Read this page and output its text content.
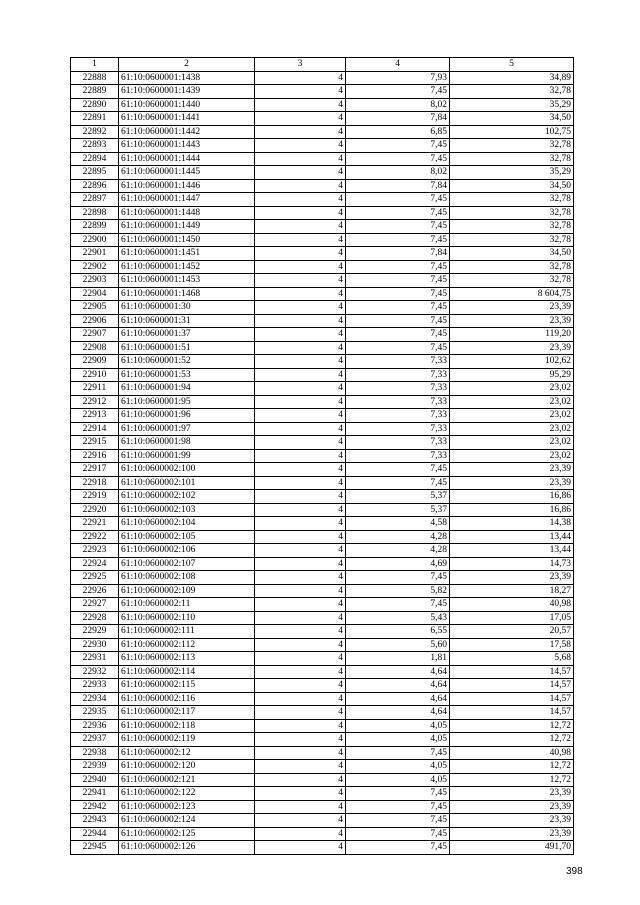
1	2	3	4	5
22888	61:10:0600001:1438	4	7,93	34,89
22889	61:10:0600001:1439	4	7,45	32,78
22890	61:10:0600001:1440	4	8,02	35,29
22891	61:10:0600001:1441	4	7,84	34,50
22892	61:10:0600001:1442	4	6,85	102,75
22893	61:10:0600001:1443	4	7,45	32,78
22894	61:10:0600001:1444	4	7,45	32,78
22895	61:10:0600001:1445	4	8,02	35,29
22896	61:10:0600001:1446	4	7,84	34,50
22897	61:10:0600001:1447	4	7,45	32,78
22898	61:10:0600001:1448	4	7,45	32,78
22899	61:10:0600001:1449	4	7,45	32,78
22900	61:10:0600001:1450	4	7,45	32,78
22901	61:10:0600001:1451	4	7,84	34,50
22902	61:10:0600001:1452	4	7,45	32,78
22903	61:10:0600001:1453	4	7,45	32,78
22904	61:10:0600001:1468	4	7,45	8 604,75
22905	61:10:0600001:30	4	7,45	23,39
22906	61:10:0600001:31	4	7,45	23,39
22907	61:10:0600001:37	4	7,45	119,20
22908	61:10:0600001:51	4	7,45	23,39
22909	61:10:0600001:52	4	7,33	102,62
22910	61:10:0600001:53	4	7,33	95,29
22911	61:10:0600001:94	4	7,33	23,02
22912	61:10:0600001:95	4	7,33	23,02
22913	61:10:0600001:96	4	7,33	23,02
22914	61:10:0600001:97	4	7,33	23,02
22915	61:10:0600001:98	4	7,33	23,02
22916	61:10:0600001:99	4	7,33	23,02
22917	61:10:0600002:100	4	7,45	23,39
22918	61:10:0600002:101	4	7,45	23,39
22919	61:10:0600002:102	4	5,37	16,86
22920	61:10:0600002:103	4	5,37	16,86
22921	61:10:0600002:104	4	4,58	14,38
22922	61:10:0600002:105	4	4,28	13,44
22923	61:10:0600002:106	4	4,28	13,44
22924	61:10:0600002:107	4	4,69	14,73
22925	61:10:0600002:108	4	7,45	23,39
22926	61:10:0600002:109	4	5,82	18,27
22927	61:10:0600002:11	4	7,45	40,98
22928	61:10:0600002:110	4	5,43	17,05
22929	61:10:0600002:111	4	6,55	20,57
22930	61:10:0600002:112	4	5,60	17,58
22931	61:10:0600002:113	4	1,81	5,68
22932	61:10:0600002:114	4	4,64	14,57
22933	61:10:0600002:115	4	4,64	14,57
22934	61:10:0600002:116	4	4,64	14,57
22935	61:10:0600002:117	4	4,64	14,57
22936	61:10:0600002:118	4	4,05	12,72
22937	61:10:0600002:119	4	4,05	12,72
22938	61:10:0600002:12	4	7,45	40,98
22939	61:10:0600002:120	4	4,05	12,72
22940	61:10:0600002:121	4	4,05	12,72
22941	61:10:0600002:122	4	7,45	23,39
22942	61:10:0600002:123	4	7,45	23,39
22943	61:10:0600002:124	4	7,45	23,39
22944	61:10:0600002:125	4	7,45	23,39
22945	61:10:0600002:126	4	7,45	491,70
398
